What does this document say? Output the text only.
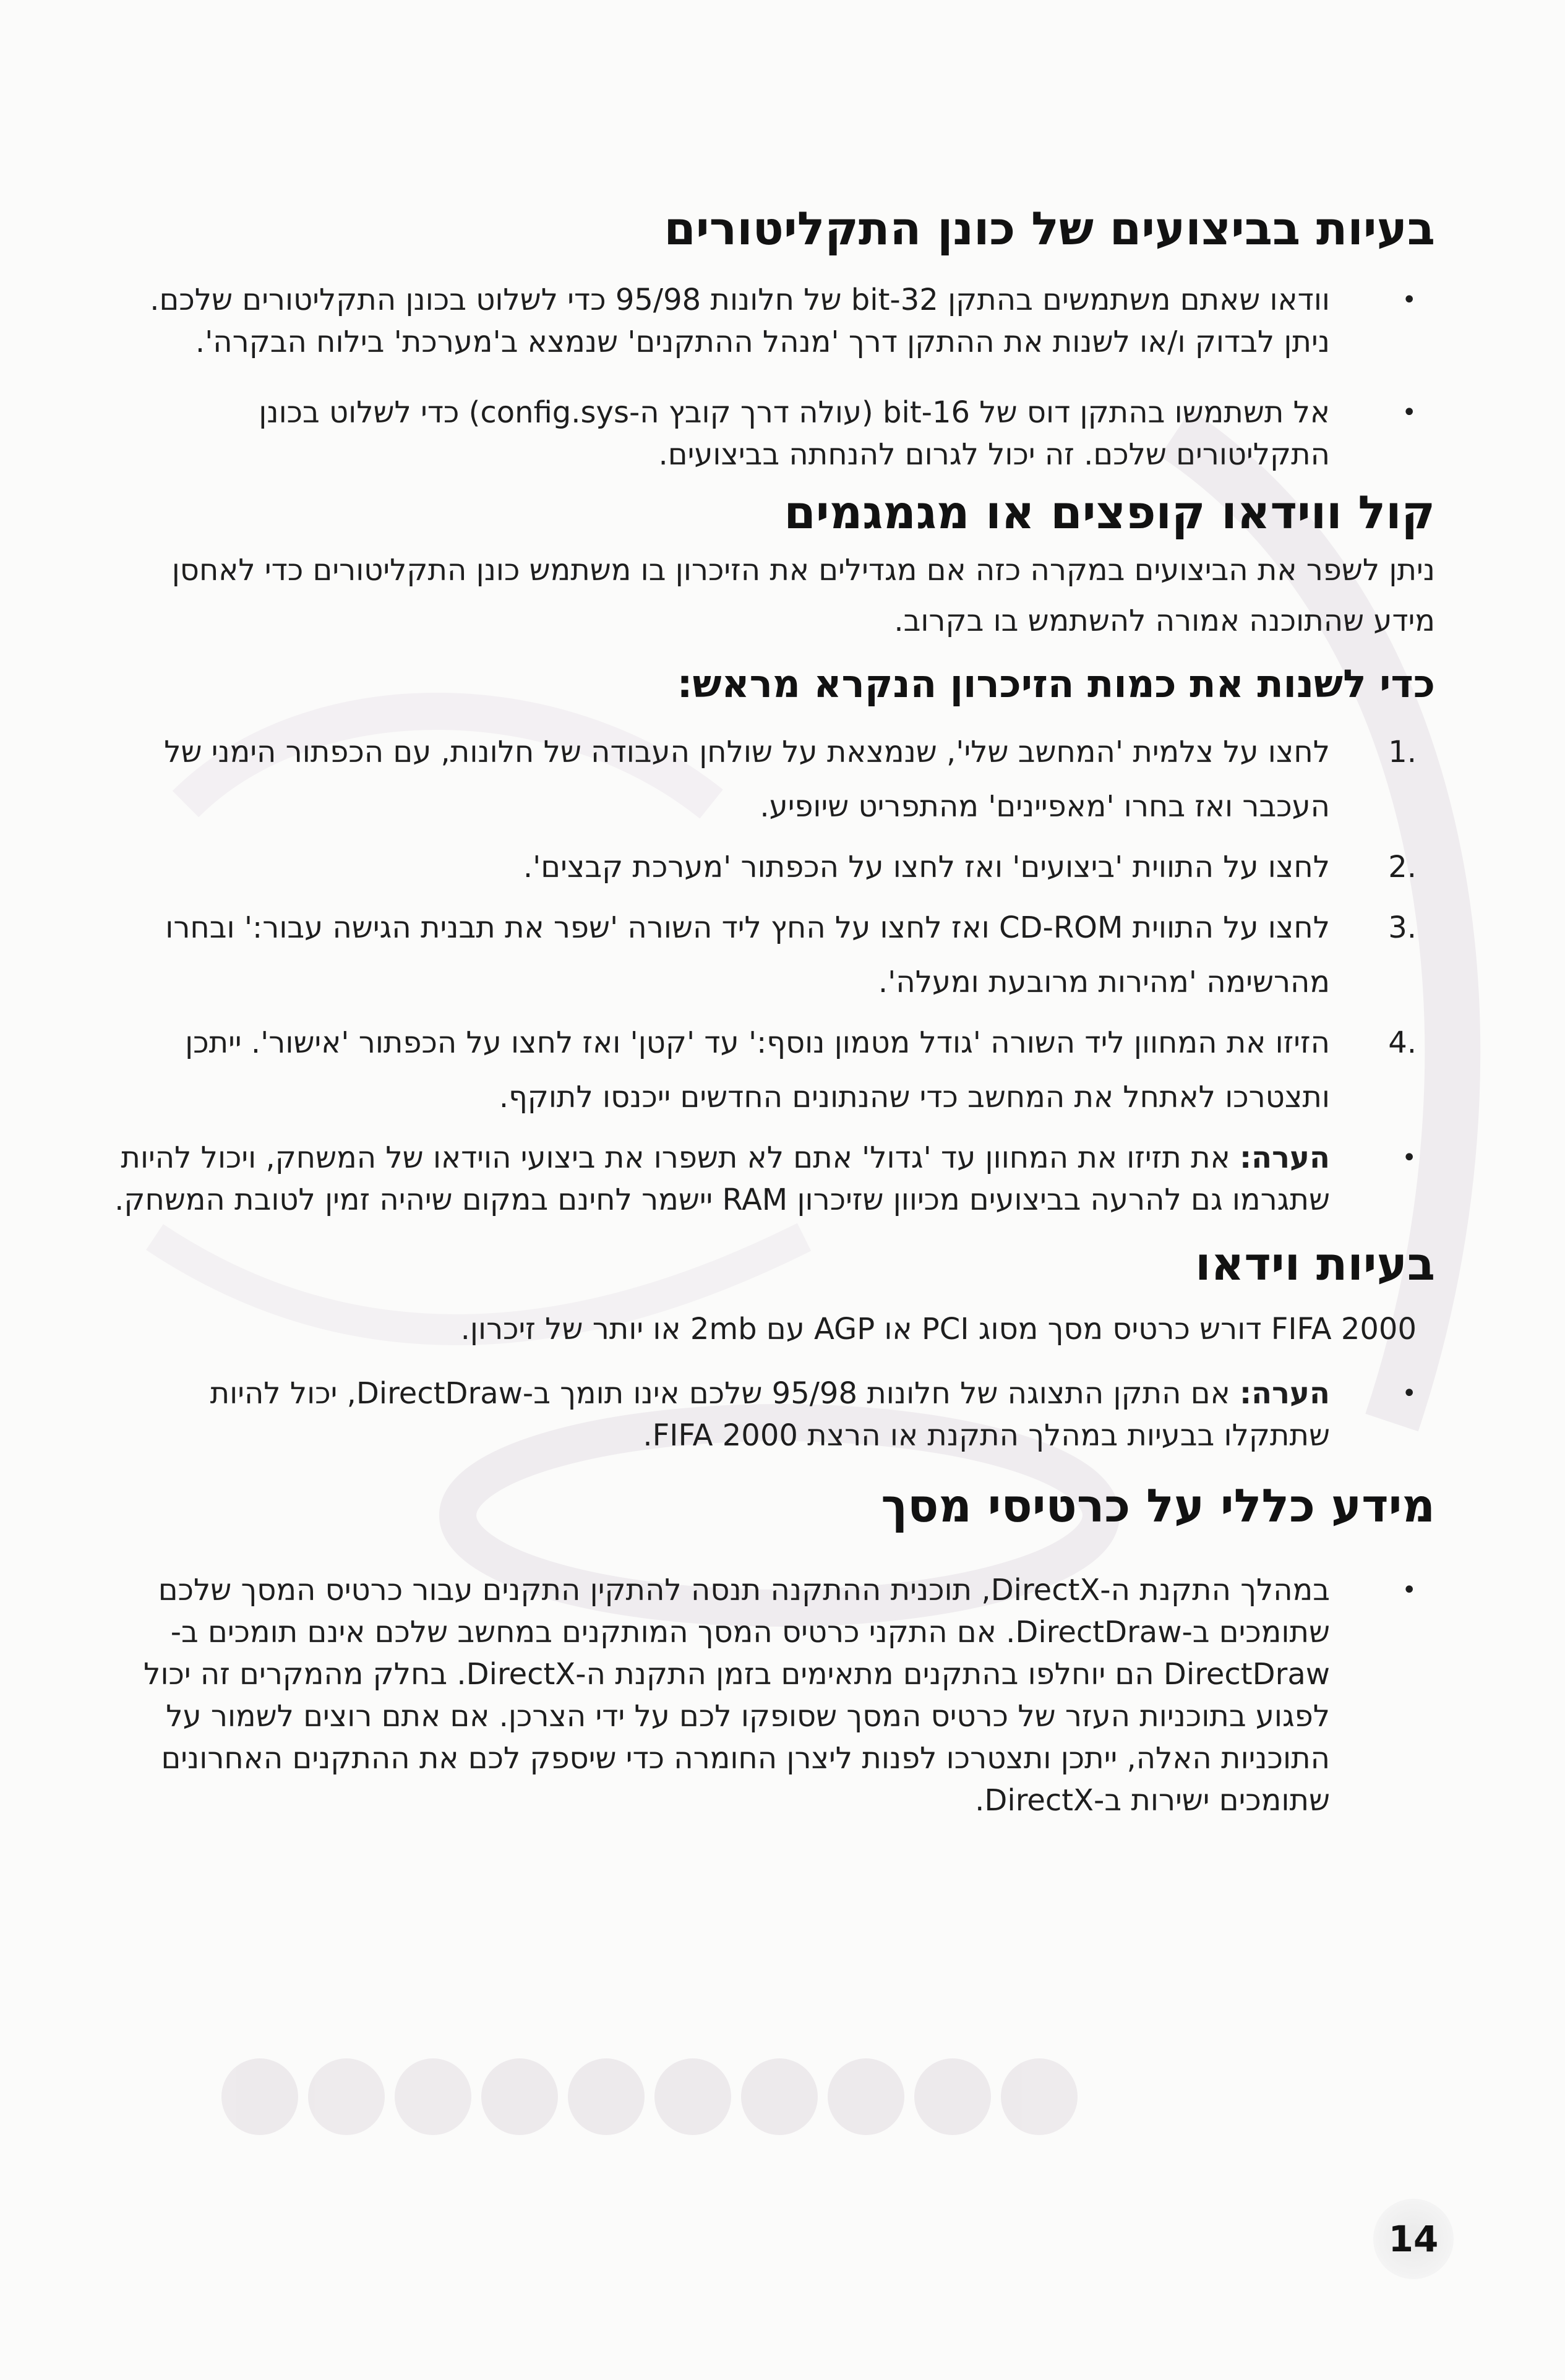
בעיות בביצועים של כונן התקליטורים
•
וודאו שאתם משתמשים בהתקן 32-bit של חלונות 95/98 כדי לשלוט בכונן התקליטורים שלכם. ניתן לבדוק ו/או לשנות את ההתקן דרך 'מנהל ההתקנים' שנמצא ב'מערכת' בילוח הבקרה'.
•
אל תשתמשו בהתקן דוס של 16-bit (עולה דרך קובץ ה-config.sys) כדי לשלוט בכונן התקליטורים שלכם. זה יכול לגרום להנחתה בביצועים.
קול ווידאו קופצים או מגמגמים

ניתן לשפר את הביצועים במקרה כזה אם מגדילים את הזיכרון בו משתמש כונן התקליטורים כדי לאחסן מידע שהתוכנה אמורה להשתמש בו בקרוב.

כדי לשנות את כמות הזיכרון הנקרא מראש:
1.
לחצו על צלמית 'המחשב שלי', שנמצאת על שולחן העבודה של חלונות, עם הכפתור הימני של העכבר ואז בחרו 'מאפיינים' מהתפריט שיופיע.
2.
לחצו על התווית 'ביצועים' ואז לחצו על הכפתור 'מערכת קבצים'.
3.
לחצו על התווית CD-ROM ואז לחצו על החץ ליד השורה 'שפר את תבנית הגישה עבור:' ובחרו מהרשימה 'מהירות מרובעת ומעלה'.
4.
הזיזו את המחוון ליד השורה 'גודל מטמון נוסף:' עד 'קטן' ואז לחצו על הכפתור 'אישור'. ייתכן ותצטרכו לאתחל את המחשב כדי שהנתונים החדשים ייכנסו לתוקף.
•
הערה: את תזיזו את המחוון עד 'גדול' אתם לא תשפרו את ביצועי הוידאו של המשחק, ויכול להיות שתגרמו גם להרעה בביצועים מכיוון שזיכרון RAM יישמר לחינם במקום שיהיה זמין לטובת המשחק.
בעיות וידאו

FIFA 2000 דורש כרטיס מסך מסוג PCI או AGP עם 2mb או יותר של זיכרון.

•
הערה: אם התקן התצוגה של חלונות 95/98 שלכם אינו תומך ב-DirectDraw, יכול להיות שתתקלו בבעיות במהלך התקנת או הרצת FIFA 2000.
מידע כללי על כרטיסי מסך
•
במהלך התקנת ה-DirectX, תוכנית ההתקנה תנסה להתקין התקנים עבור כרטיס המסך שלכם שתומכים ב-DirectDraw. אם התקני כרטיס המסך המותקנים במחשב שלכם אינם תומכים ב-DirectDraw הם יוחלפו בהתקנים מתאימים בזמן התקנת ה-DirectX. בחלק מהמקרים זה יכול לפגוע בתוכניות העזר של כרטיס המסך שסופקו לכם על ידי הצרכן. אם אתם רוצים לשמור על התוכניות האלה, ייתכן ותצטרכו לפנות ליצרן החומרה כדי שיספק לכם את ההתקנים האחרונים שתומכים ישירות ב-DirectX.
14
